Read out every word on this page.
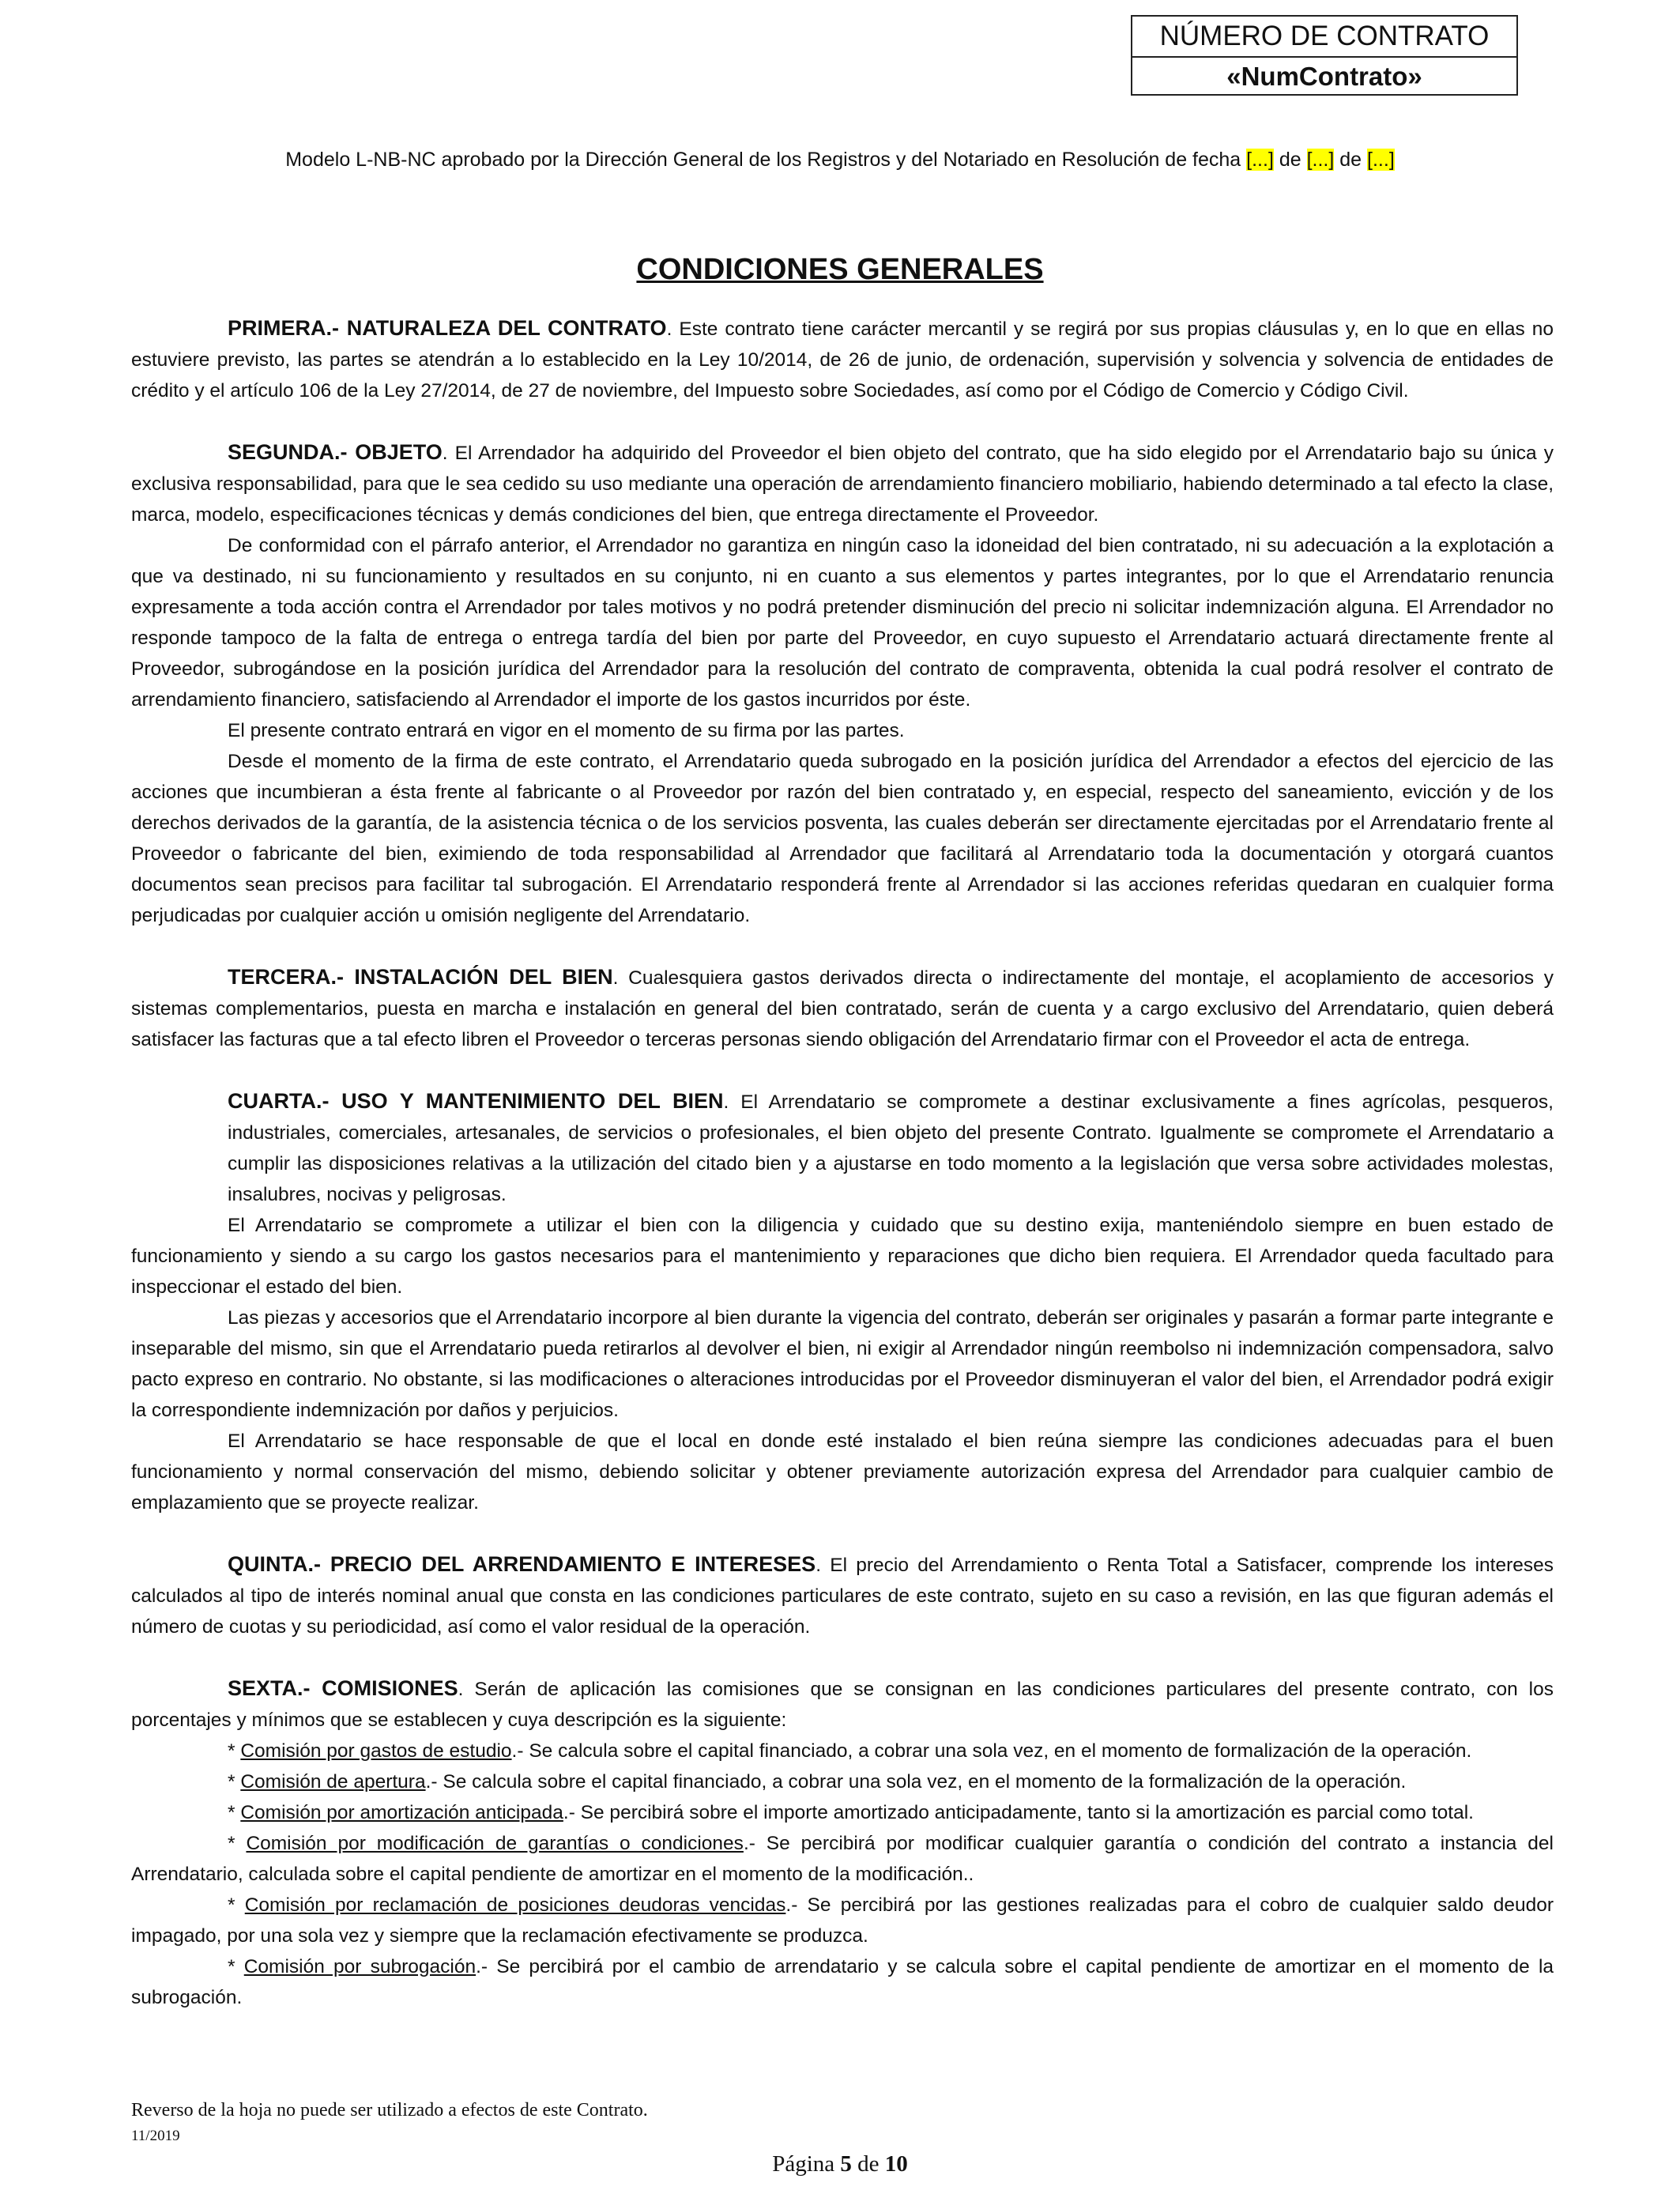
NÚMERO DE CONTRATO
«NumContrato»
Modelo L-NB-NC aprobado por la Dirección General de los Registros y del Notariado en Resolución de fecha [...] de [...] de [...]
CONDICIONES GENERALES

PRIMERA.- NATURALEZA DEL CONTRATO. Este contrato tiene carácter mercantil y se regirá por sus propias cláusulas y, en lo que en ellas no estuviere previsto, las partes se atendrán a lo establecido en la Ley 10/2014, de 26 de junio, de ordenación, supervisión y solvencia y solvencia de entidades de crédito y el artículo 106 de la Ley 27/2014, de 27 de noviembre, del Impuesto sobre Sociedades, así como por el Código de Comercio y Código Civil.

SEGUNDA.- OBJETO. El Arrendador ha adquirido del Proveedor el bien objeto del contrato, que ha sido elegido por el Arrendatario bajo su única y exclusiva responsabilidad, para que le sea cedido su uso mediante una operación de arrendamiento financiero mobiliario, habiendo determinado a tal efecto la clase, marca, modelo, especificaciones técnicas y demás condiciones del bien, que entrega directamente el Proveedor.

De conformidad con el párrafo anterior, el Arrendador no garantiza en ningún caso la idoneidad del bien contratado, ni su adecuación a la explotación a que va destinado, ni su funcionamiento y resultados en su conjunto, ni en cuanto a sus elementos y partes integrantes, por lo que el Arrendatario renuncia expresamente a toda acción contra el Arrendador por tales motivos y no podrá pretender disminución del precio ni solicitar indemnización alguna. El Arrendador no responde tampoco de la falta de entrega o entrega tardía del bien por parte del Proveedor, en cuyo supuesto el Arrendatario actuará directamente frente al Proveedor, subrogándose en la posición jurídica del Arrendador para la resolución del contrato de compraventa, obtenida la cual podrá resolver el contrato de arrendamiento financiero, satisfaciendo al Arrendador el importe de los gastos incurridos por éste.

El presente contrato entrará en vigor en el momento de su firma por las partes.

Desde el momento de la firma de este contrato, el Arrendatario queda subrogado en la posición jurídica del Arrendador a efectos del ejercicio de las acciones que incumbieran a ésta frente al fabricante o al Proveedor por razón del bien contratado y, en especial, respecto del saneamiento, evicción y de los derechos derivados de la garantía, de la asistencia técnica o de los servicios posventa, las cuales deberán ser directamente ejercitadas por el Arrendatario frente al Proveedor o fabricante del bien, eximiendo de toda responsabilidad al Arrendador que facilitará al Arrendatario toda la documentación y otorgará cuantos documentos sean precisos para facilitar tal subrogación. El Arrendatario responderá frente al Arrendador si las acciones referidas quedaran en cualquier forma perjudicadas por cualquier acción u omisión negligente del Arrendatario.

TERCERA.- INSTALACIÓN DEL BIEN. Cualesquiera gastos derivados directa o indirectamente del montaje, el acoplamiento de accesorios y sistemas complementarios, puesta en marcha e instalación en general del bien contratado, serán de cuenta y a cargo exclusivo del Arrendatario, quien deberá satisfacer las facturas que a tal efecto libren el Proveedor o terceras personas siendo obligación del Arrendatario firmar con el Proveedor el acta de entrega.

CUARTA.- USO Y MANTENIMIENTO DEL BIEN. El Arrendatario se compromete a destinar exclusivamente a fines agrícolas, pesqueros, industriales, comerciales, artesanales, de servicios o profesionales, el bien objeto del presente Contrato. Igualmente se compromete el Arrendatario a cumplir las disposiciones relativas a la utilización del citado bien y a ajustarse en todo momento a la legislación que versa sobre actividades molestas, insalubres, nocivas y peligrosas.

El Arrendatario se compromete a utilizar el bien con la diligencia y cuidado que su destino exija, manteniéndolo siempre en buen estado de funcionamiento y siendo a su cargo los gastos necesarios para el mantenimiento y reparaciones que dicho bien requiera. El Arrendador queda facultado para inspeccionar el estado del bien.

Las piezas y accesorios que el Arrendatario incorpore al bien durante la vigencia del contrato, deberán ser originales y pasarán a formar parte integrante e inseparable del mismo, sin que el Arrendatario pueda retirarlos al devolver el bien, ni exigir al Arrendador ningún reembolso ni indemnización compensadora, salvo pacto expreso en contrario. No obstante, si las modificaciones o alteraciones introducidas por el Proveedor disminuyeran el valor del bien, el Arrendador podrá exigir la correspondiente indemnización por daños y perjuicios.

El Arrendatario se hace responsable de que el local en donde esté instalado el bien reúna siempre las condiciones adecuadas para el buen funcionamiento y normal conservación del mismo, debiendo solicitar y obtener previamente autorización expresa del Arrendador para cualquier cambio de emplazamiento que se proyecte realizar.

QUINTA.- PRECIO DEL ARRENDAMIENTO E INTERESES. El precio del Arrendamiento o Renta Total a Satisfacer, comprende los intereses calculados al tipo de interés nominal anual que consta en las condiciones particulares de este contrato, sujeto en su caso a revisión, en las que figuran además el número de cuotas y su periodicidad, así como el valor residual de la operación.

SEXTA.- COMISIONES. Serán de aplicación las comisiones que se consignan en las condiciones particulares del presente contrato, con los porcentajes y mínimos que se establecen y cuya descripción es la siguiente:

* Comisión por gastos de estudio.- Se calcula sobre el capital financiado, a cobrar una sola vez, en el momento de formalización de la operación.

* Comisión de apertura.- Se calcula sobre el capital financiado, a cobrar una sola vez, en el momento de la formalización de la operación.

* Comisión por amortización anticipada.- Se percibirá sobre el importe amortizado anticipadamente, tanto si la amortización es parcial como total.

* Comisión por modificación de garantías o condiciones.- Se percibirá por modificar cualquier garantía o condición del contrato a instancia del Arrendatario, calculada sobre el capital pendiente de amortizar en el momento de la modificación..

* Comisión por reclamación de posiciones deudoras vencidas.- Se percibirá por las gestiones realizadas para el cobro de cualquier saldo deudor impagado, por una sola vez y siempre que la reclamación efectivamente se produzca.

* Comisión por subrogación.- Se percibirá por el cambio de arrendatario y se calcula sobre el capital pendiente de amortizar en el momento de la subrogación.

Reverso de la hoja no puede ser utilizado a efectos de este Contrato.
11/2019
Página 5 de 10
